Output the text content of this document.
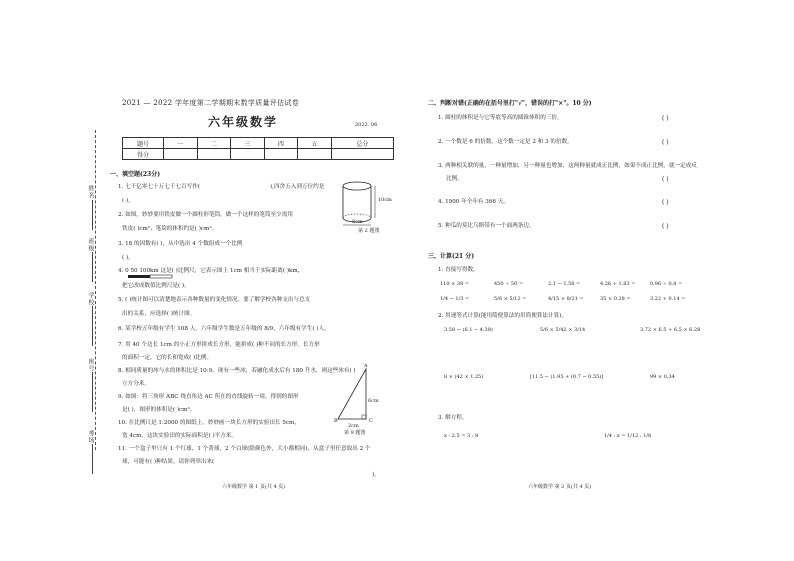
姓名
班级
学校
座号
考场
2021 — 2022 学年度第二学期期末数学质量评估试卷
六年级数学	2022. 06
题号	一	二	三	四	五	总分
得分						
一、填空题(23分)
1. 七千亿零七十万七千七百写作(	),四舍五入到万位约是
( )。
2. 如图，妙妙要用铁皮做一个圆柱形笔筒。做一个这样的笔筒至少需用
铁皮( )cm²；笔筒的体积约是( )cm³。
10cm
8cm
第 2 题图
3. 18 的因数有( )，从中选出 4 个数组成一个比例
( )。
4. 0 50 100km 这是( )比例尺，它表示图上 1cm 相当于实际距离( )km，
把它改成数值比例尺是( )。
5. ( )统计图可以清楚地表示各种数量的变化情况。要了解学校各种支出与总支
出的关系，应选择( )统计图。
6. 某学校五年级有学生 108 人，六年级学生数是五年级的 8/9，六年级有学生( )人。
7. 用 40 个边长 1cm 的小正方形拼成长方形，能拼成( )种不同的长方形。长方形
的面积一定，它的长和宽成( )比例。
8. 相同质量的冰与水的体积比是 10:9。现有一些冰，若融化成水后有 180 升水，则这些冰有( )
立方分米。
A
B	C
6cm
2cm
第 9 题图
9. 如图：将三角形 ABC 绕直角边 AC 所在的直线旋转一周，得到的图形
是( )，图形的体积是( )cm³。
10. 在比例尺是 1:2000 的图纸上，妙妙画一块长方形的实验田长 5cm，
宽 4cm，这块实验田的实际面积是( )平方米。
11. 一个盒子里只有 1 个红球，1 个黄球，2 个白球(除颜色外，大小都相同)，从盒子里任意取出 2 个
球，可能有( )种结果。请你列举出来(
)。
六年级数学 第 1 页(共 4 页)
二、判断对错(正确的在括号里打"√"，错误的打"×"。10 分)
1. 圆柱的体积是与它等底等高的圆锥体积的三倍。	( )
2. 一个数是 6 的倍数，这个数一定是 2 和 3 的倍数。	( )
3. 两种相关联的量，一种量增加，另一种量也增加，这两种量就成正比例，如果不成正比例，就一定成反
比例。	( )
4. 1900 年全年有 366 天。	( )
5. 种瓜的莫比乌斯带有一个面两条边。	( )
三、计算(21 分)
1. 直接写得数。
110 × 38 =	450 ÷ 50 =	2.1 − 1.58 =	4.26 + 1.83 =	0.96 ÷ 0.8 =
1/4 − 1/3 =	5/6 × 5/12 =	4/15 × 8/21 =	35 × 0.28 =	3.22 + 0.14 =
2. 用递等式计算(能用简便算法的用简便算法计算)。
3.58 − (6.1 − 4.38)	5/6 × 5/42 × 3/14	3.72 × 6.5 + 6.5 × 6.28
8 × (42 × 1.25)	[11.5 − (1.95 + (0.7 − 0.55)]	99 × 0.34
3. 解方程。
x : 2.5 = 3 : 8	1/4 : x = 1/12 : 1/8
六年级数学 第 2 页(共 4 页)
